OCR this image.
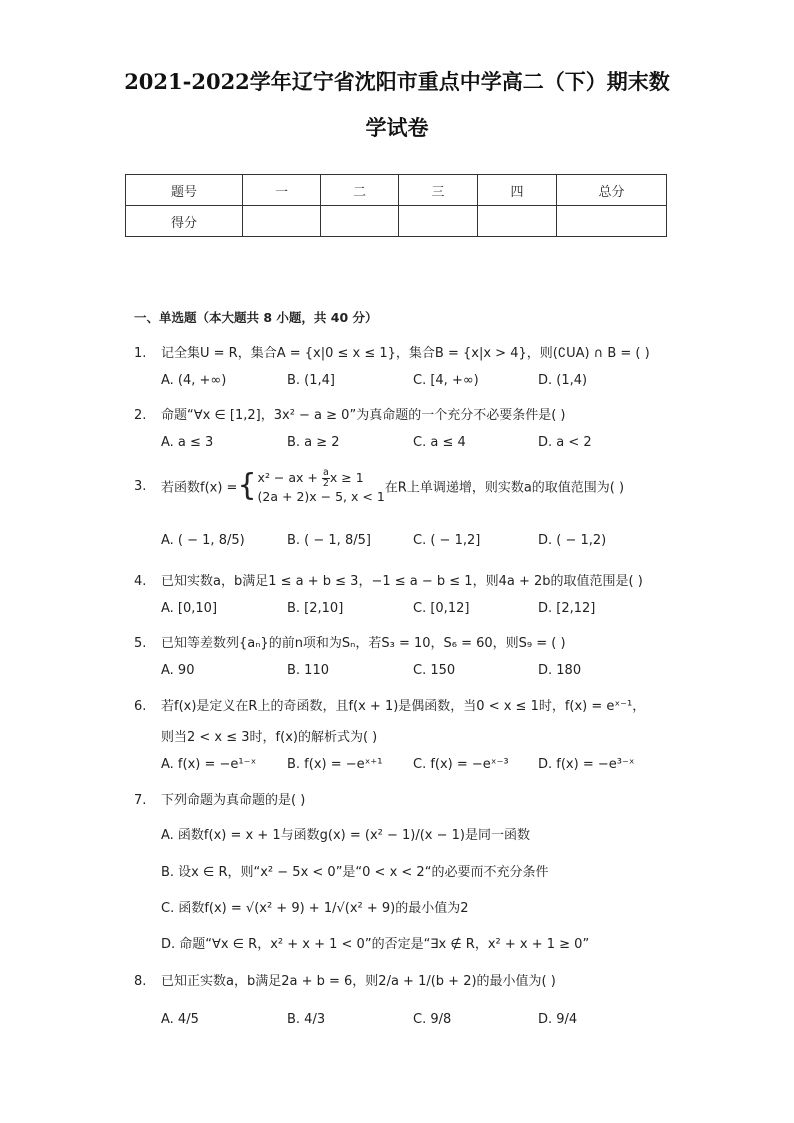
2021-2022学年辽宁省沈阳市重点中学高二（下）期末数
学试卷
题号	一	二	三	四	总分
得分					
一、单选题（本大题共 8 小题，共 40 分）
1. 记全集U = R，集合A = {x|0 ≤ x ≤ 1}，集合B = {x|x > 4}，则(∁UA) ∩ B = ( )
A. (4, +∞)	B. (1,4]	C. [4, +∞)	D. (1,4)
2. 命题“∀x ∈ [1,2]，3x² − a ≥ 0”为真命题的一个充分不必要条件是( )
A. a ≤ 3	B. a ≥ 2	C. a ≤ 4	D. a < 2
3. 若函数f(x) ={x² − ax + $\frac{a}{2}$ x ≥ 1
(2a + 2)x − 5, x < 1在R上单调递增，则实数a的取值范围为( )
A. ( − 1, 8/5)	B. ( − 1, 8/5]	C. ( − 1,2]	D. ( − 1,2)
4. 已知实数a，b满足1 ≤ a + b ≤ 3，−1 ≤ a − b ≤ 1，则4a + 2b的取值范围是( )
A. [0,10]	B. [2,10]	C. [0,12]	D. [2,12]
5. 已知等差数列{aₙ}的前n项和为Sₙ，若S₃ = 10，S₆ = 60，则S₉ = ( )
A. 90	B. 110	C. 150	D. 180
6. 若f(x)是定义在R上的奇函数，且f(x + 1)是偶函数，当0 < x ≤ 1时，f(x) = eˣ⁻¹，
则当2 < x ≤ 3时，f(x)的解析式为( )
A. f(x) = −e¹⁻ˣ B. f(x) = −eˣ⁺¹ C. f(x) = −eˣ⁻³ D. f(x) = −e³⁻ˣ
7. 下列命题为真命题的是( )
A. 函数f(x) = x + 1与函数g(x) = (x² − 1)/(x − 1)是同一函数
B. 设x ∈ R，则“x² − 5x < 0”是“0 < x < 2“的必要而不充分条件
C. 函数f(x) = √(x² + 9) + 1/√(x² + 9)的最小值为2
D. 命题“∀x ∈ R，x² + x + 1 < 0”的否定是“∃x ∉ R，x² + x + 1 ≥ 0”
8. 已知正实数a，b满足2a + b = 6，则2/a + 1/(b + 2)的最小值为( )
A. 4/5	B. 4/3	C. 9/8	D. 9/4
